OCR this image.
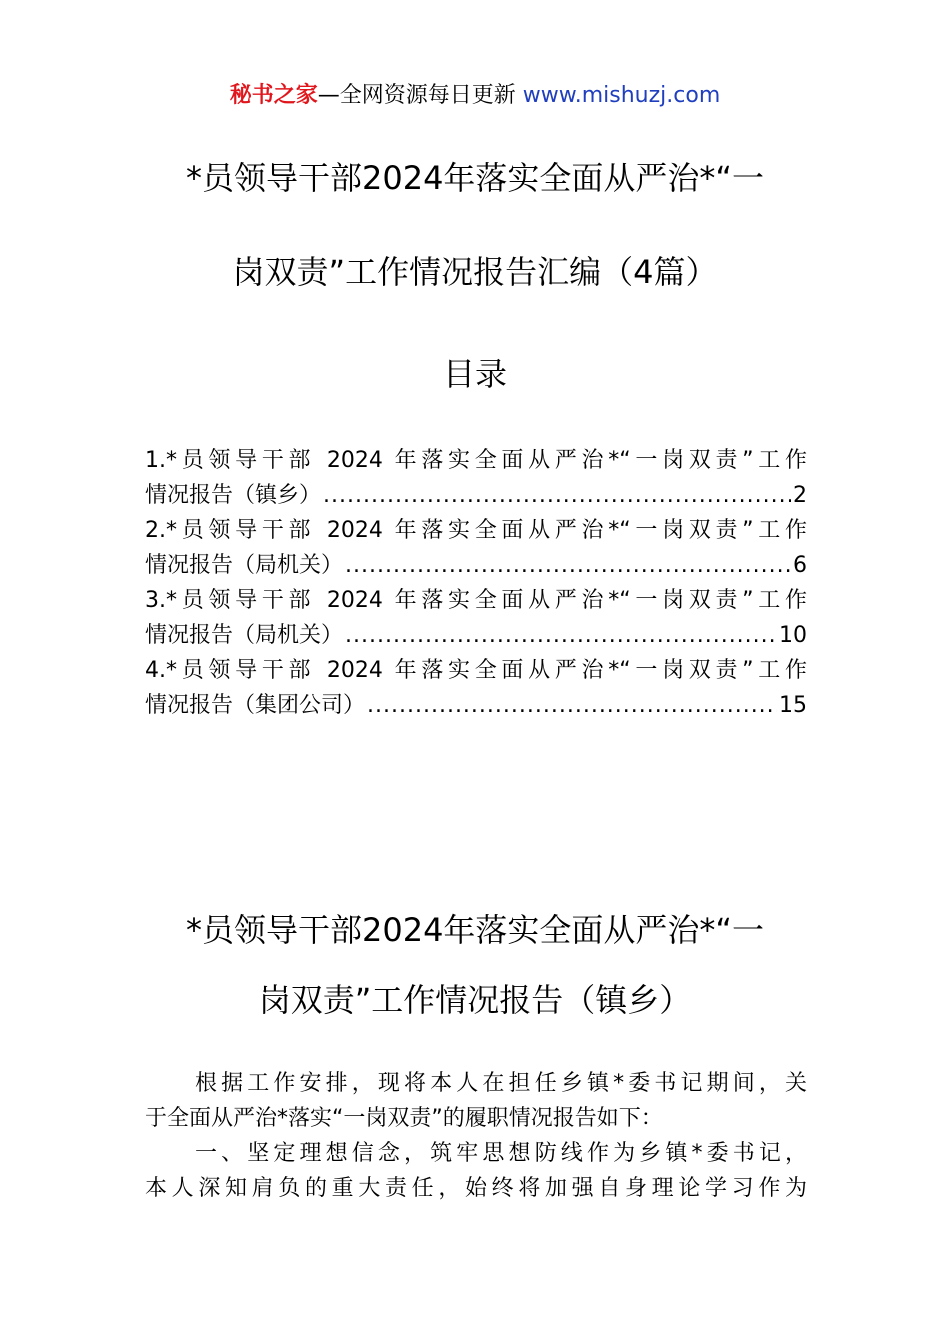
秘书之家—全网资源每日更新 www.mishuzj.com
*员领导干部2024年落实全面从严治*“一
岗双责”工作情况报告汇编（4篇）
目录
1.*员领导干部 2024 年落实全面从严治*“一岗双责”工作
情况报告（镇乡） .....	2
2.*员领导干部 2024 年落实全面从严治*“一岗双责”工作
情况报告（局机关） .....	6
3.*员领导干部 2024 年落实全面从严治*“一岗双责”工作
情况报告（局机关） .....	10
4.*员领导干部 2024 年落实全面从严治*“一岗双责”工作
情况报告（集团公司） .....	15
*员领导干部2024年落实全面从严治*“一
岗双责”工作情况报告（镇乡）
根据工作安排，现将本人在担任乡镇*委书记期间，关
于全面从严治*落实“一岗双责”的履职情况报告如下：
一、坚定理想信念，筑牢思想防线作为乡镇*委书记，
本人深知肩负的重大责任，始终将加强自身理论学习作为
